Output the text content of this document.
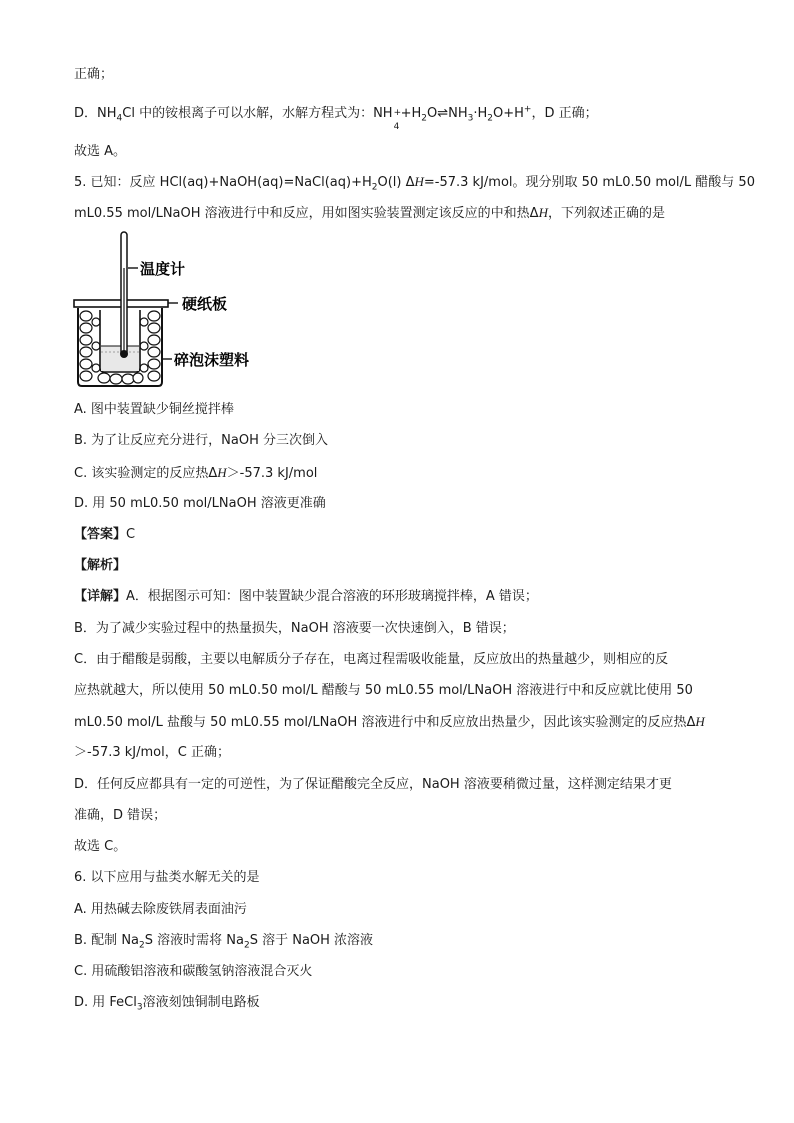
正确；
D．$NH_4Cl$ 中的铵根离子可以水解，水解方程式为：NH +
4
$+H_2O\rightleftharpoons NH_3\cdot H_2O+H^+$，D 正确；
故选 A。
5. 已知：反应 $HCl(aq)+NaOH(aq)=NaCl(aq)+H_2O(l)$ ΔH=-57.3 kJ/mol。现分别取 50 mL0.50 mol/L 醋酸与 50
mL0.55 mol/LNaOH 溶液进行中和反应，用如图实验装置测定该反应的中和热ΔH，下列叙述正确的是
温度计
硬纸板
碎泡沫塑料
A. 图中装置缺少铜丝搅拌棒
B. 为了让反应充分进行，NaOH 分三次倒入
C. 该实验测定的反应热ΔH＞-57.3 kJ/mol
D. 用 50 mL0.50 mol/LNaOH 溶液更准确
【答案】C
【解析】
【详解】A．根据图示可知：图中装置缺少混合溶液的环形玻璃搅拌棒，A 错误；
B．为了减少实验过程中的热量损失，NaOH 溶液要一次快速倒入，B 错误；
C．由于醋酸是弱酸，主要以电解质分子存在，电离过程需吸收能量，反应放出的热量越少，则相应的反
应热就越大，所以使用 50 mL0.50 mol/L 醋酸与 50 mL0.55 mol/LNaOH 溶液进行中和反应就比使用 50
mL0.50 mol/L 盐酸与 50 mL0.55 mol/LNaOH 溶液进行中和反应放出热量少，因此该实验测定的反应热ΔH
＞-57.3 kJ/mol，C 正确；
D．任何反应都具有一定的可逆性，为了保证醋酸完全反应，NaOH 溶液要稍微过量，这样测定结果才更
准确，D 错误；
故选 C。
6. 以下应用与盐类水解无关的是
A. 用热碱去除废铁屑表面油污
B. 配制 $Na_2S$ 溶液时需将 $Na_2S$ 溶于 NaOH 浓溶液
C. 用硫酸铝溶液和碳酸氢钠溶液混合灭火
D. 用 FeCl$_3$溶液刻蚀铜制电路板
